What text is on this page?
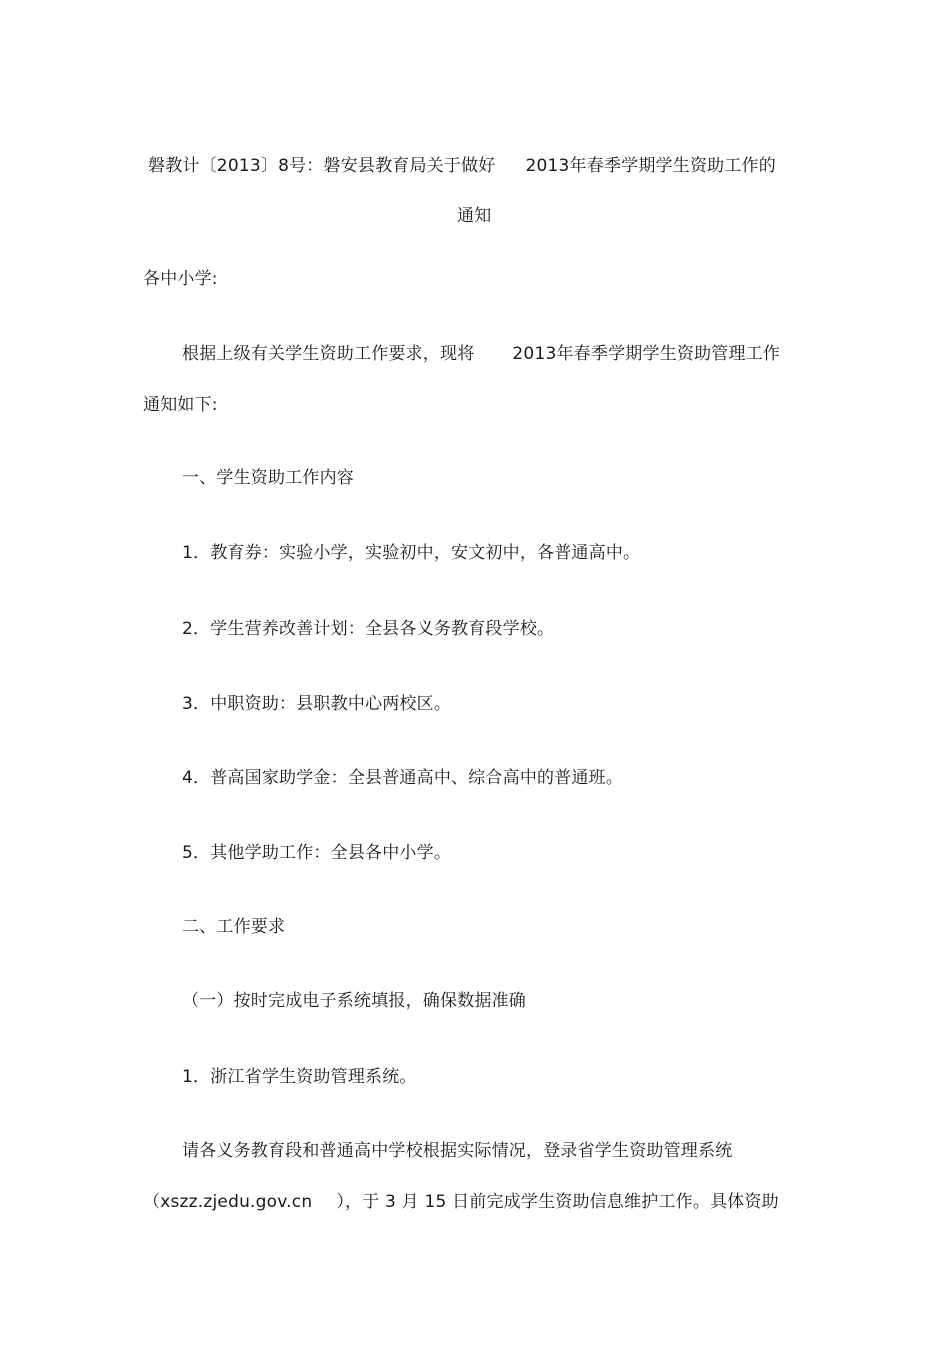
磐教计〔2013〕8号：磐安县教育局关于做好 2013年春季学期学生资助工作的
通知
各中小学:
根据上级有关学生资助工作要求，现将 2013年春季学期学生资助管理工作
通知如下:
一、学生资助工作内容
1．教育券：实验小学，实验初中，安文初中，各普通高中。
2．学生营养改善计划：全县各义务教育段学校。
3．中职资助：县职教中心两校区。
4．普高国家助学金：全县普通高中、综合高中的普通班。
5．其他学助工作：全县各中小学。
二、工作要求
（一）按时完成电子系统填报，确保数据准确
1．浙江省学生资助管理系统。
请各义务教育段和普通高中学校根据实际情况，登录省学生资助管理系统
（xszz.zjedu.gov.cn ），于 3 月 15 日前完成学生资助信息维护工作。具体资助
